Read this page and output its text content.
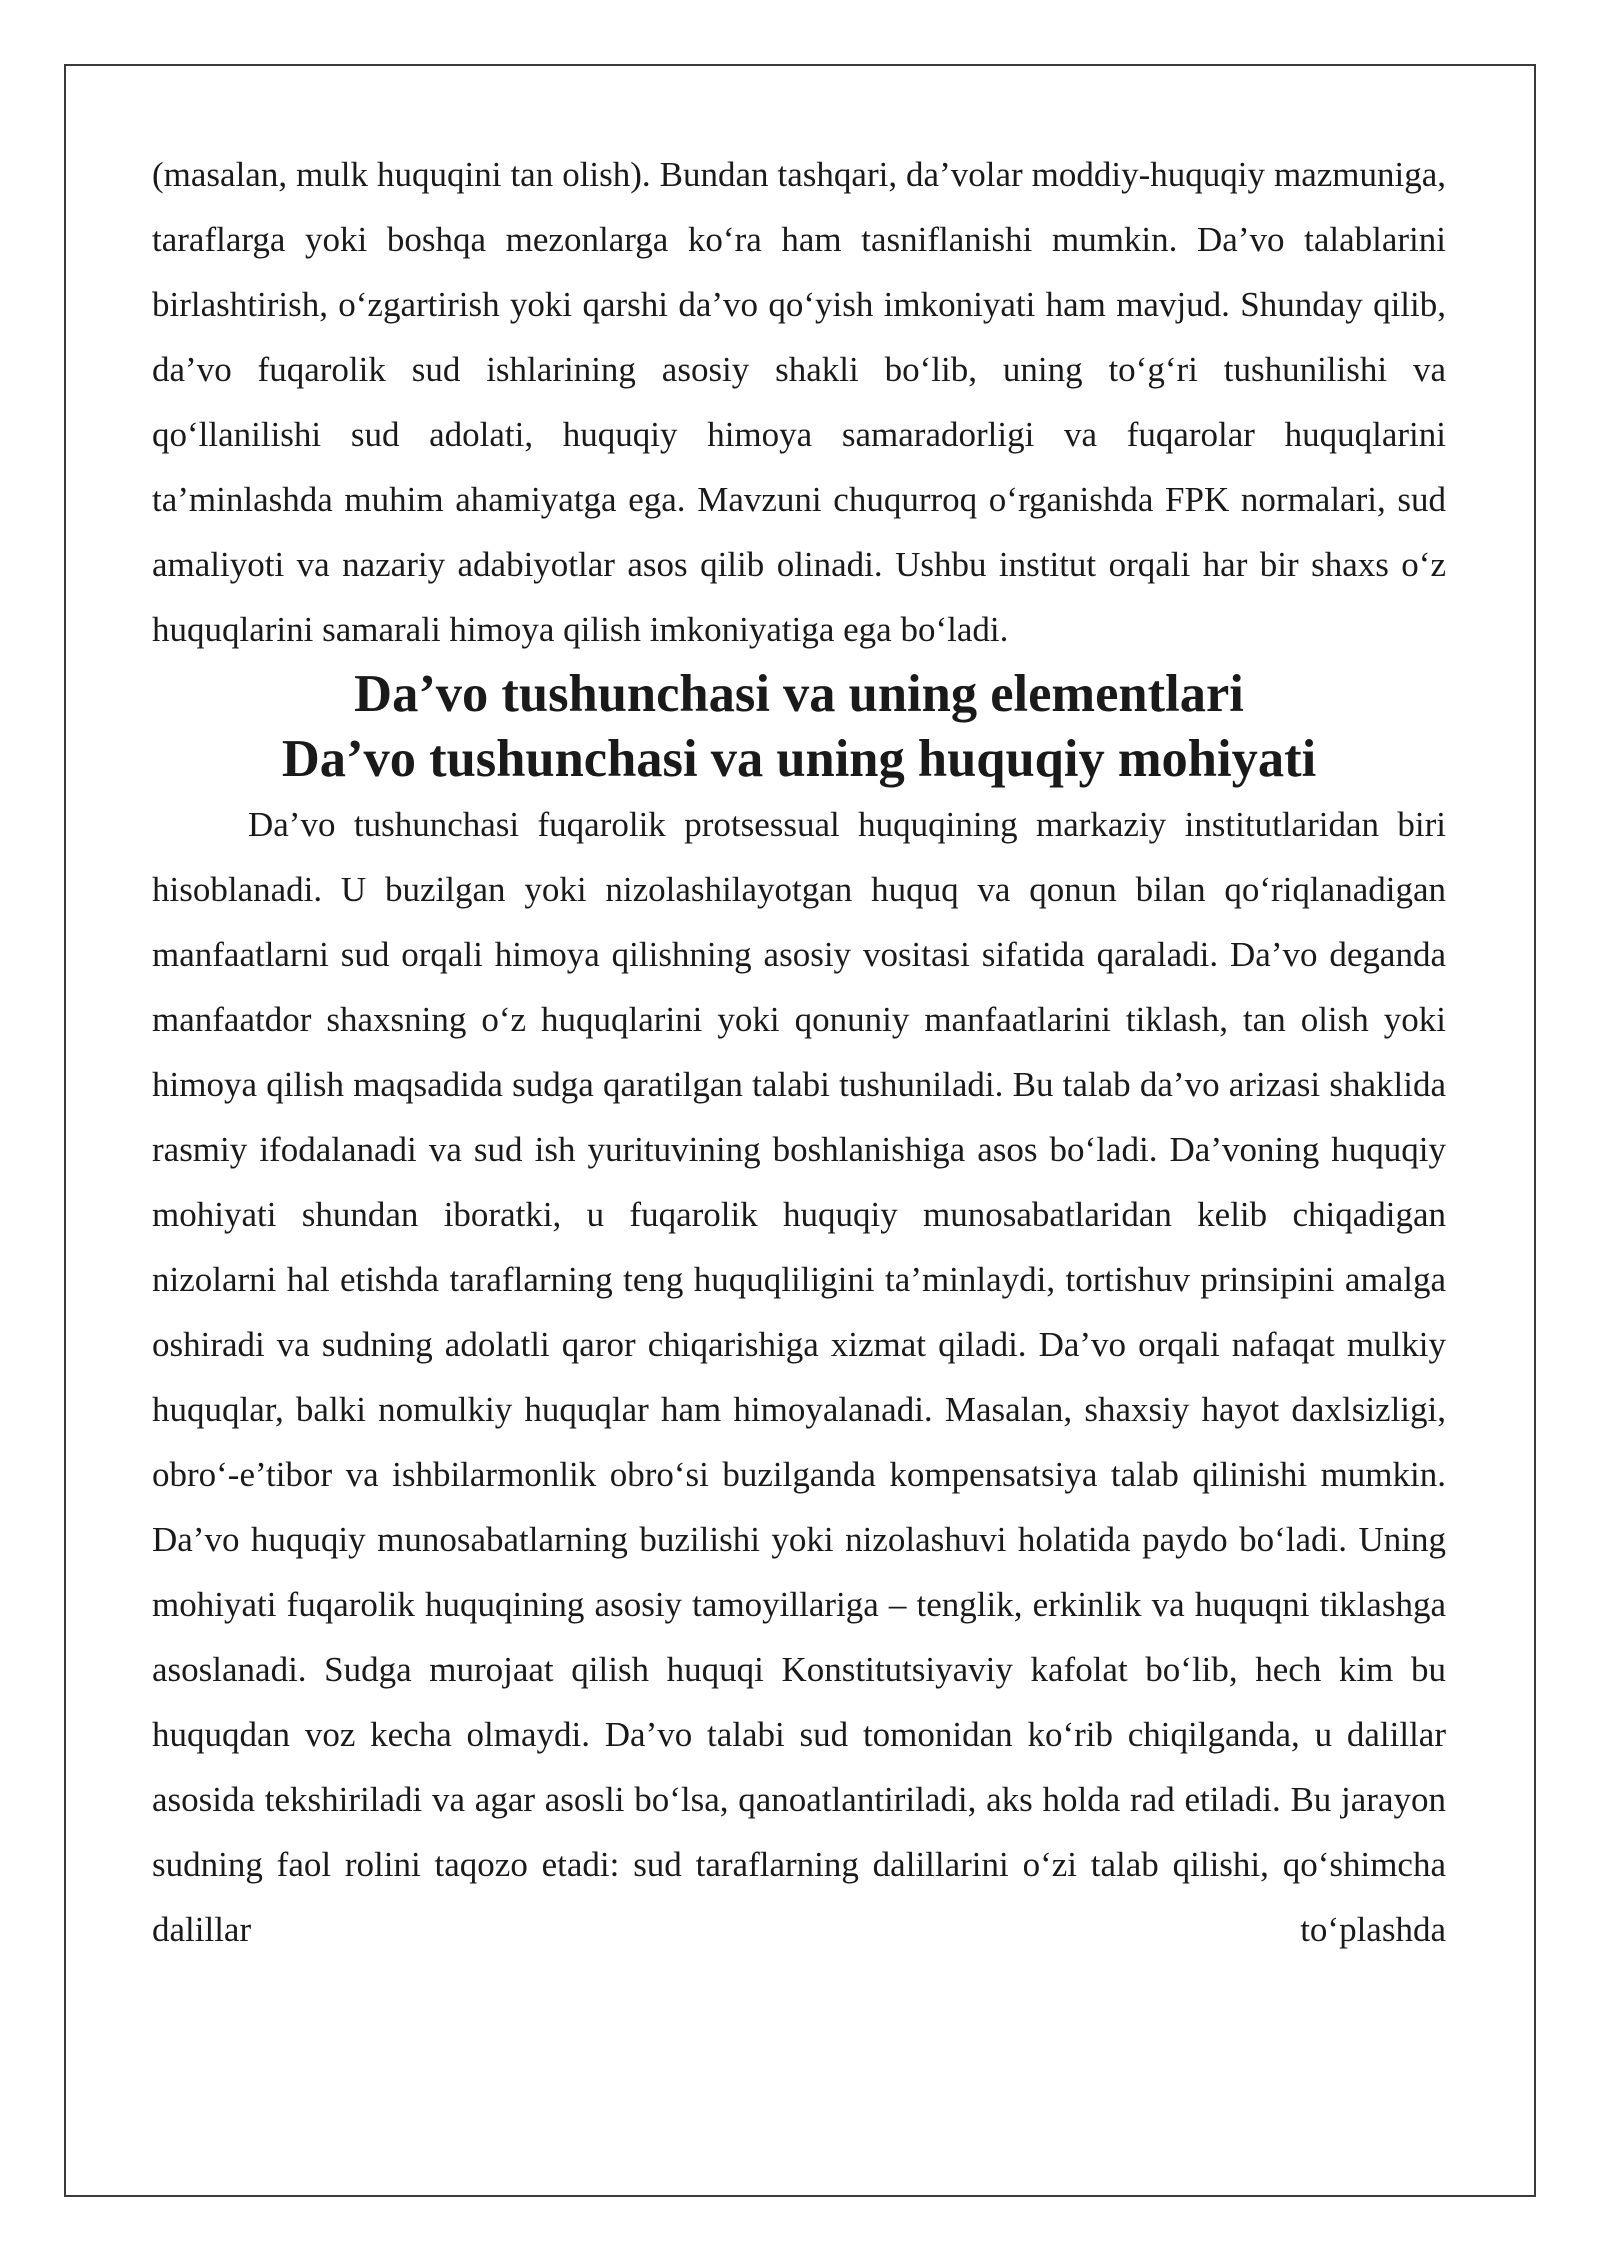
(masalan, mulk huquqini tan olish). Bundan tashqari, da’volar moddiy-huquqiy mazmuniga, taraflarga yoki boshqa mezonlarga ko‘ra ham tasniflanishi mumkin. Da’vo talablarini birlashtirish, o‘zgartirish yoki qarshi da’vo qo‘yish imkoniyati ham mavjud. Shunday qilib, da’vo fuqarolik sud ishlarining asosiy shakli bo‘lib, uning to‘g‘ri tushunilishi va qo‘llanilishi sud adolati, huquqiy himoya samaradorligi va fuqarolar huquqlarini ta’minlashda muhim ahamiyatga ega. Mavzuni chuqurroq o‘rganishda FPK normalari, sud amaliyoti va nazariy adabiyotlar asos qilib olinadi. Ushbu institut orqali har bir shaxs o‘z huquqlarini samarali himoya qilish imkoniyatiga ega bo‘ladi.

Da’vo tushunchasi va uning elementlari
Da’vo tushunchasi va uning huquqiy mohiyati

Da’vo tushunchasi fuqarolik protsessual huquqining markaziy institutlaridan biri hisoblanadi. U buzilgan yoki nizolashilayotgan huquq va qonun bilan qo‘riqlanadigan manfaatlarni sud orqali himoya qilishning asosiy vositasi sifatida qaraladi. Da’vo deganda manfaatdor shaxsning o‘z huquqlarini yoki qonuniy manfaatlarini tiklash, tan olish yoki himoya qilish maqsadida sudga qaratilgan talabi tushuniladi. Bu talab da’vo arizasi shaklida rasmiy ifodalanadi va sud ish yurituvining boshlanishiga asos bo‘ladi. Da’voning huquqiy mohiyati shundan iboratki, u fuqarolik huquqiy munosabatlaridan kelib chiqadigan nizolarni hal etishda taraflarning teng huquqliligini ta’minlaydi, tortishuv prinsipini amalga oshiradi va sudning adolatli qaror chiqarishiga xizmat qiladi. Da’vo orqali nafaqat mulkiy huquqlar, balki nomulkiy huquqlar ham himoyalanadi. Masalan, shaxsiy hayot daxlsizligi, obro‘-e’tibor va ishbilarmonlik obro‘si buzilganda kompensatsiya talab qilinishi mumkin. Da’vo huquqiy munosabatlarning buzilishi yoki nizolashuvi holatida paydo bo‘ladi. Uning mohiyati fuqarolik huquqining asosiy tamoyillariga – tenglik, erkinlik va huquqni tiklashga asoslanadi. Sudga murojaat qilish huquqi Konstitutsiyaviy kafolat bo‘lib, hech kim bu huquqdan voz kecha olmaydi. Da’vo talabi sud tomonidan ko‘rib chiqilganda, u dalillar asosida tekshiriladi va agar asosli bo‘lsa, qanoatlantiriladi, aks holda rad etiladi. Bu jarayon sudning faol rolini taqozo etadi: sud taraflarning dalillarini o‘zi talab qilishi, qo‘shimcha dalillar to‘plashda
